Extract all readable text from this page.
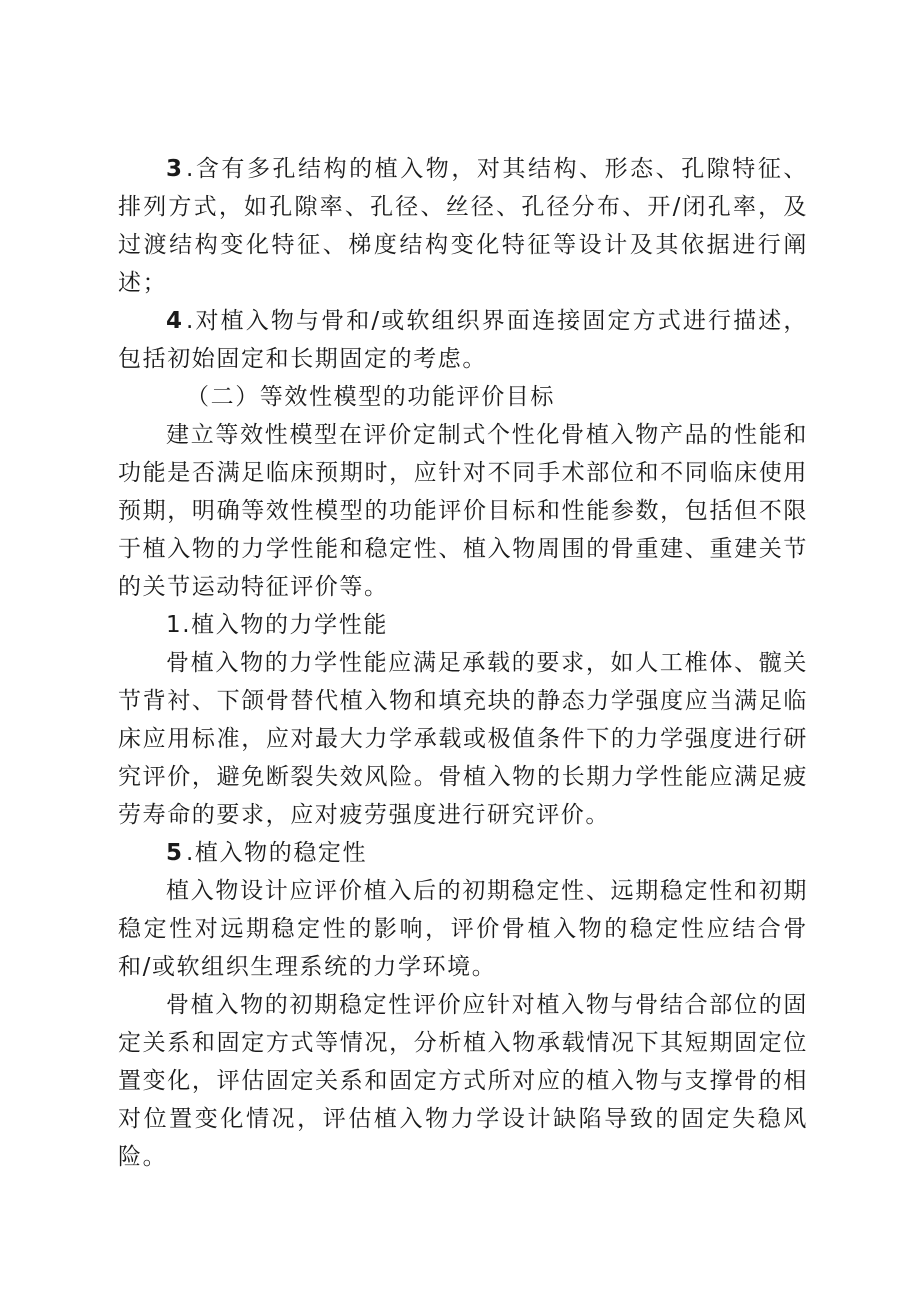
3.含有多孔结构的植入物，对其结构、形态、孔隙特征、排列方式，如孔隙率、孔径、丝径、孔径分布、开/闭孔率，及过渡结构变化特征、梯度结构变化特征等设计及其依据进行阐述；

4.对植入物与骨和/或软组织界面连接固定方式进行描述，包括初始固定和长期固定的考虑。

（二）等效性模型的功能评价目标

建立等效性模型在评价定制式个性化骨植入物产品的性能和功能是否满足临床预期时，应针对不同手术部位和不同临床使用预期，明确等效性模型的功能评价目标和性能参数，包括但不限于植入物的力学性能和稳定性、植入物周围的骨重建、重建关节的关节运动特征评价等。

1.植入物的力学性能

骨植入物的力学性能应满足承载的要求，如人工椎体、髋关节背衬、下颌骨替代植入物和填充块的静态力学强度应当满足临床应用标准，应对最大力学承载或极值条件下的力学强度进行研究评价，避免断裂失效风险。骨植入物的长期力学性能应满足疲劳寿命的要求，应对疲劳强度进行研究评价。

5.植入物的稳定性

植入物设计应评价植入后的初期稳定性、远期稳定性和初期稳定性对远期稳定性的影响，评价骨植入物的稳定性应结合骨和/或软组织生理系统的力学环境。

骨植入物的初期稳定性评价应针对植入物与骨结合部位的固定关系和固定方式等情况，分析植入物承载情况下其短期固定位置变化，评估固定关系和固定方式所对应的植入物与支撑骨的相对位置变化情况，评估植入物力学设计缺陷导致的固定失稳风险。
